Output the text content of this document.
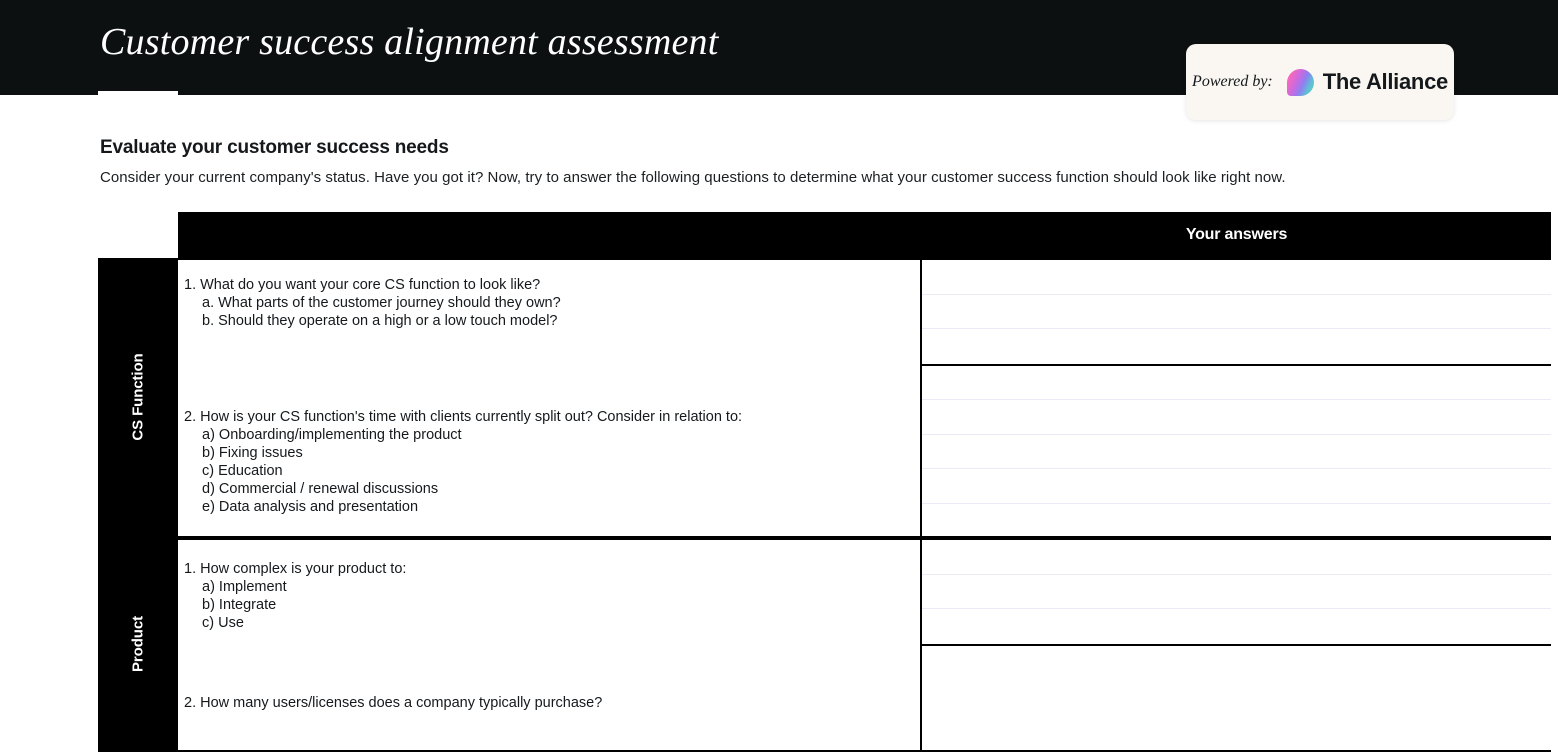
Customer success alignment assessment
Powered by: The Alliance
Evaluate your customer success needs

Consider your current company's status. Have you got it? Now, try to answer the following questions to determine what your customer success function should look like right now.

Your answers
CS Function
1. What do you want your core CS function to look like?
a. What parts of the customer journey should they own?
b. Should they operate on a high or a low touch model?
2. How is your CS function's time with clients currently split out? Consider in relation to:
a) Onboarding/implementing the product
b) Fixing issues
c) Education
d) Commercial / renewal discussions
e) Data analysis and presentation
Product
1. How complex is your product to:
a) Implement
b) Integrate
c) Use
2. How many users/licenses does a company typically purchase?
